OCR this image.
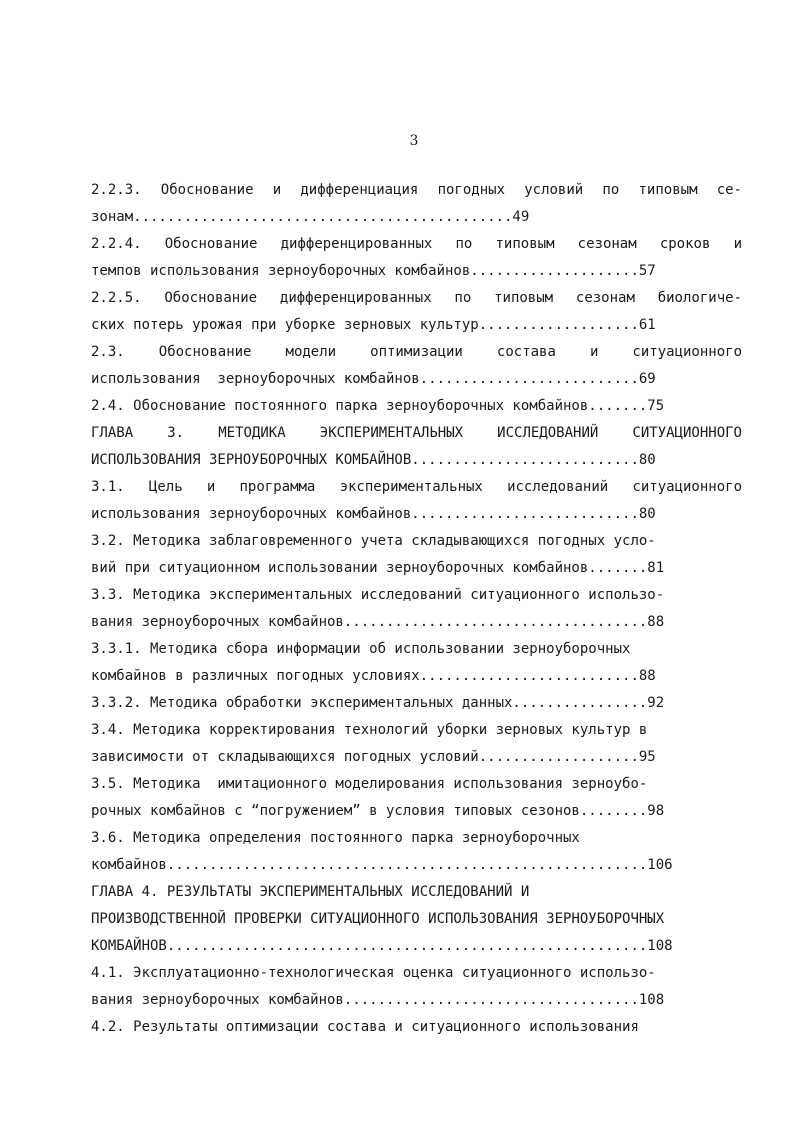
3
2.2.3. Обоснование и дифференциация погодных условий по типовым се-
зонам.............................................49
2.2.4. Обоснование дифференцированных по типовым сезонам сроков и
темпов использования зерноуборочных комбайнов....................57
2.2.5. Обоснование дифференцированных по типовым сезонам биологиче-
ских потерь урожая при уборке зерновых культур...................61
2.3. Обоснование модели оптимизации состава и ситуационного
использования  зерноуборочных комбайнов..........................69
2.4. Обоснование постоянного парка зерноуборочных комбайнов.......75
ГЛАВА 3. МЕТОДИКА ЭКСПЕРИМЕНТАЛЬНЫХ ИССЛЕДОВАНИЙ СИТУАЦИОННОГО
ИСПОЛЬЗОВАНИЯ ЗЕРНОУБОРОЧНЫХ КОМБАЙНОВ...........................80
3.1. Цель и программа экспериментальных исследований ситуационного
использования зерноуборочных комбайнов...........................80
3.2. Методика заблаговременного учета складывающихся погодных усло-
вий при ситуационном использовании зерноуборочных комбайнов.......81
3.3. Методика экспериментальных исследований ситуационного использо-
вания зерноуборочных комбайнов....................................88
3.3.1. Методика сбора информации об использовании зерноуборочных
комбайнов в различных погодных условиях..........................88
3.3.2. Методика обработки экспериментальных данных................92
3.4. Методика корректирования технологий уборки зерновых культур в
зависимости от складывающихся погодных условий...................95
3.5. Методика  имитационного моделирования использования зерноубо-
рочных комбайнов с “погружением” в условия типовых сезонов........98
3.6. Методика определения постоянного парка зерноуборочных
комбайнов.........................................................106
ГЛАВА 4. РЕЗУЛЬТАТЫ ЭКСПЕРИМЕНТАЛЬНЫХ ИССЛЕДОВАНИЙ И
ПРОИЗВОДСТВЕННОЙ ПРОВЕРКИ СИТУАЦИОННОГО ИСПОЛЬЗОВАНИЯ ЗЕРНОУБОРОЧНЫХ
КОМБАЙНОВ.........................................................108
4.1. Эксплуатационно-технологическая оценка ситуационного использо-
вания зерноуборочных комбайнов...................................108
4.2. Результаты оптимизации состава и ситуационного использования
